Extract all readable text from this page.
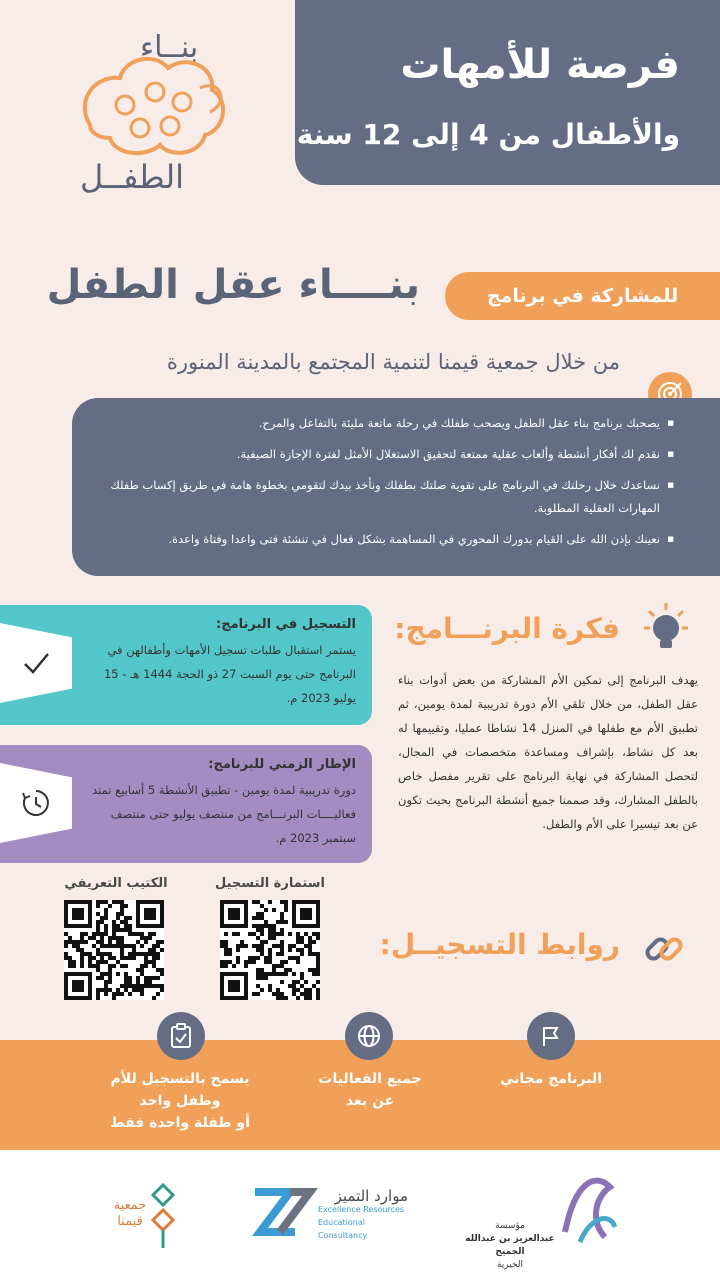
فرصة للأمهات
والأطفال من 4 إلى 12 سنة
بنــاء
الطفــل
للمشاركة في برنامج
بنــــاء عقل الطفل
من خلال جمعية قيمنا لتنمية المجتمع بالمدينة المنورة
■ يصحبك برنامج بناء عقل الطفل ويصحب طفلك في رحلة ماتعة مليئة بالتفاعل والمرح.
■ نقدم لك أفكار أنشطة وألعاب عقلية ممتعة لتحقيق الاستغلال الأمثل لفترة الإجازة الصيفية.
■ نساعدك خلال رحلتك في البرنامج على تقوية صلتك بطفلك ونأخذ بيدك لتقومي بخطوة هامة في طريق إكساب طفلك المهارات العقلية المطلوبة.
■ نعينك بإذن الله على القيام بدورك المحوري في المساهمة بشكل فعال في تنشئة فتى واعدا وفتاة واعدة.
التسجيل في البرنامج:
يستمر استقبال طلبات تسجيل الأمهات وأطفالهن في البرنامج حتى يوم السبت 27 ذو الحجة 1444 هـ - 15 يوليو 2023 م.
الإطار الزمني للبرنامج:
دورة تدريبية لمدة يومين - تطبيق الأنشطة 5 أسابيع تمتد فعاليــــات البرنـــامج من منتصف يوليو حتى منتصف سبتمبر 2023 م.
فكرة البرنـــامج:
يهدف البرنامج إلى تمكين الأم المشاركة من بعض أدوات بناء عقل الطفل، من خلال تلقي الأم دورة تدريبية لمدة يومين، ثم تطبيق الأم مع طفلها في المنزل 14 نشاطا عمليا، وتقييمها له بعد كل نشاط، بإشراف ومساعدة متخصصات في المجال، لتحصل المشاركة في نهاية البرنامج على تقرير مفصل خاص بالطفل المشارك، وقد صممنا جميع أنشطة البرنامج بحيث تكون عن بعد تيسيرا على الأم والطفل.
روابط التسجيــل:
استمارة التسجيل
الكتيب التعريفي
البرنامج مجاني
جميع الفعاليات
عن بعد
يسمح بالتسجيل للأم
وطفل واحد
أو طفلة واحدة فقط
مؤسسة
عبدالعزيز بن عبدالله الجميح
الخيرية
موارد التميز
Excellence Resources
Educational Consultancy
جمعية
قيمنا
